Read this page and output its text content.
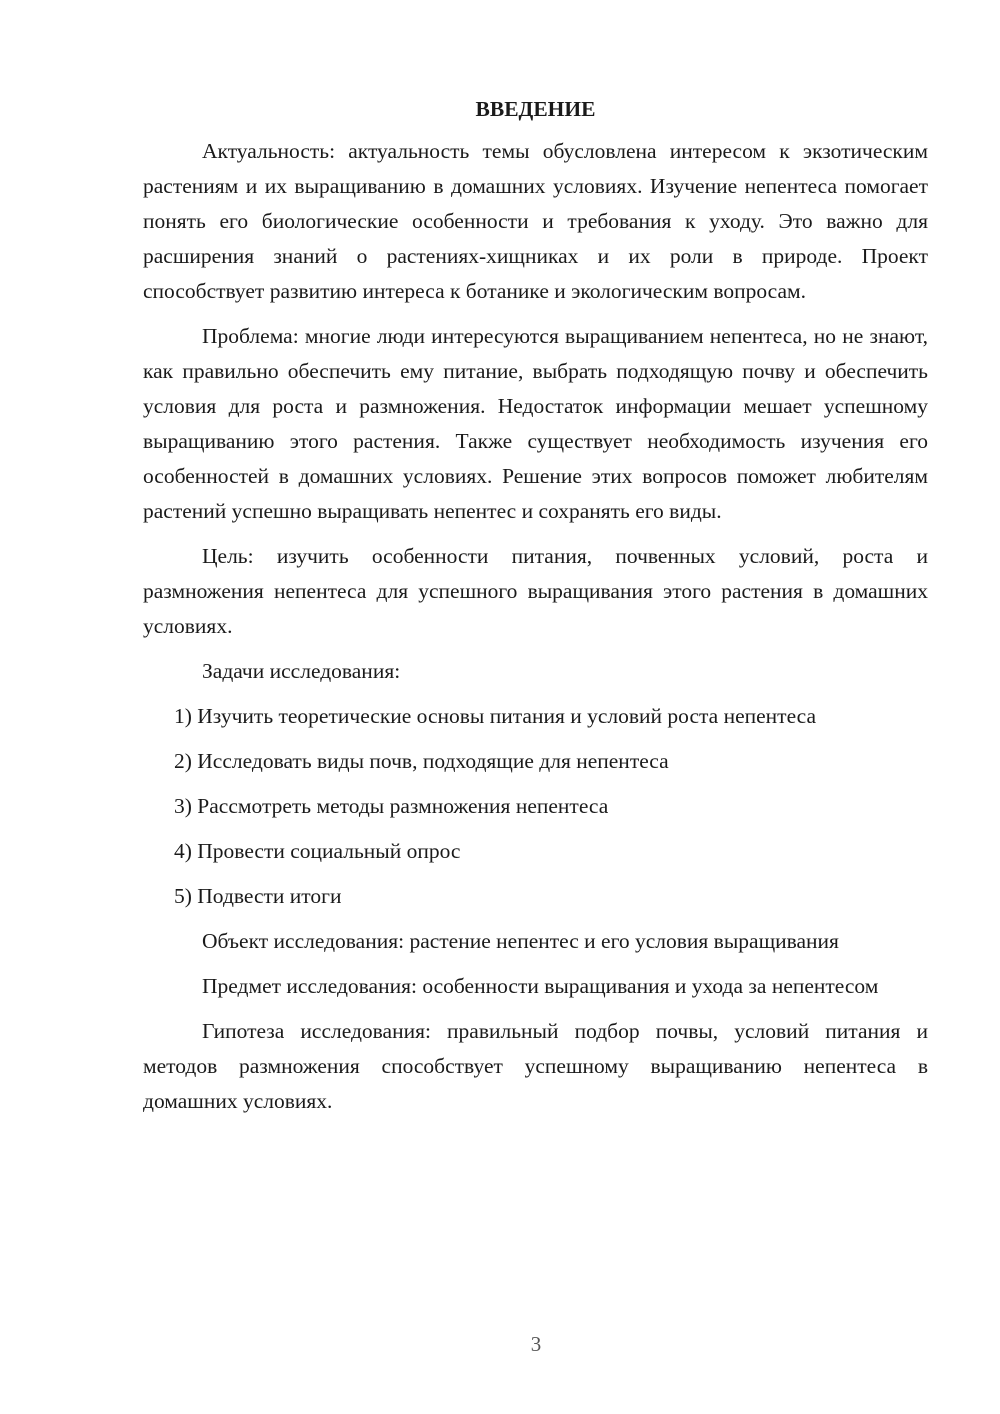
ВВЕДЕНИЕ

Актуальность: актуальность темы обусловлена интересом к экзотическим растениям и их выращиванию в домашних условиях. Изучение непентеса помогает понять его биологические особенности и требования к уходу. Это важно для расширения знаний о растениях-хищниках и их роли в природе. Проект способствует развитию интереса к ботанике и экологическим вопросам.

Проблема: многие люди интересуются выращиванием непентеса, но не знают, как правильно обеспечить ему питание, выбрать подходящую почву и обеспечить условия для роста и размножения. Недостаток информации мешает успешному выращиванию этого растения. Также существует необходимость изучения его особенностей в домашних условиях. Решение этих вопросов поможет любителям растений успешно выращивать непентес и сохранять его виды.

Цель: изучить особенности питания, почвенных условий, роста и размножения непентеса для успешного выращивания этого растения в домашних условиях.

Задачи исследования:

1) Изучить теоретические основы питания и условий роста непентеса
2) Исследовать виды почв, подходящие для непентеса
3) Рассмотреть методы размножения непентеса
4) Провести социальный опрос
5) Подвести итоги

Объект исследования: растение непентес и его условия выращивания

Предмет исследования: особенности выращивания и ухода за непентесом

Гипотеза исследования: правильный подбор почвы, условий питания и методов размножения способствует успешному выращиванию непентеса в домашних условиях.

3
